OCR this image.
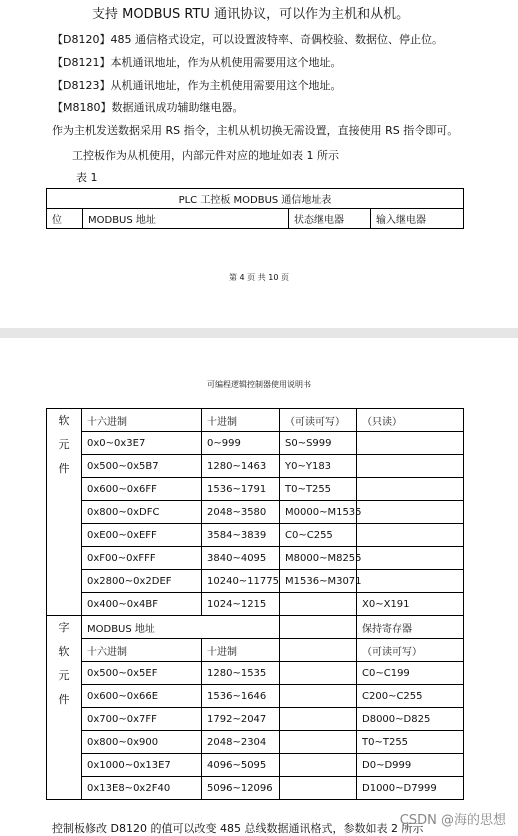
支持 MODBUS RTU 通讯协议，可以作为主机和从机。
【D8120】485 通信格式设定，可以设置波特率、奇偶校验、数据位、停止位。
【D8121】本机通讯地址，作为从机使用需要用这个地址。
【D8123】从机通讯地址，作为主机使用需要用这个地址。
【M8180】数据通讯成功辅助继电器。
作为主机发送数据采用 RS 指令，主机从机切换无需设置，直接使用 RS 指令即可。
工控板作为从机使用，内部元件对应的地址如表 1 所示
表 1
PLC 工控板 MODBUS 通信地址表
位	MODBUS 地址	状态继电器	输入继电器
第 4 页 共 10 页
可编程逻辑控制器使用说明书
软
元
件	十六进制	十进制	（可读可写）	（只读）
	0x0~0x3E7	0~999	S0~S999	
	0x500~0x5B7	1280~1463	Y0~Y183	
	0x600~0x6FF	1536~1791	T0~T255	
	0x800~0xDFC	2048~3580	M0000~M1535	
	0xE00~0xEFF	3584~3839	C0~C255	
	0xF00~0xFFF	3840~4095	M8000~M8255	
	0x2800~0x2DEF	10240~11775	M1536~M3071	
	0x400~0x4BF	1024~1215		X0~X191

字
软
元
件	MODBUS 地址			保持寄存器
	十六进制	十进制		（可读可写）
	0x500~0x5EF	1280~1535		C0~C199
	0x600~0x66E	1536~1646		C200~C255
	0x700~0x7FF	1792~2047		D8000~D825
	0x800~0x900	2048~2304		T0~T255
	0x1000~0x13E7	4096~5095		D0~D999
	0x13E8~0x2F40	5096~12096		D1000~D7999
控制板修改 D8120 的值可以改变 485 总线数据通讯格式，参数如表 2 所示
CSDN @海的思想
